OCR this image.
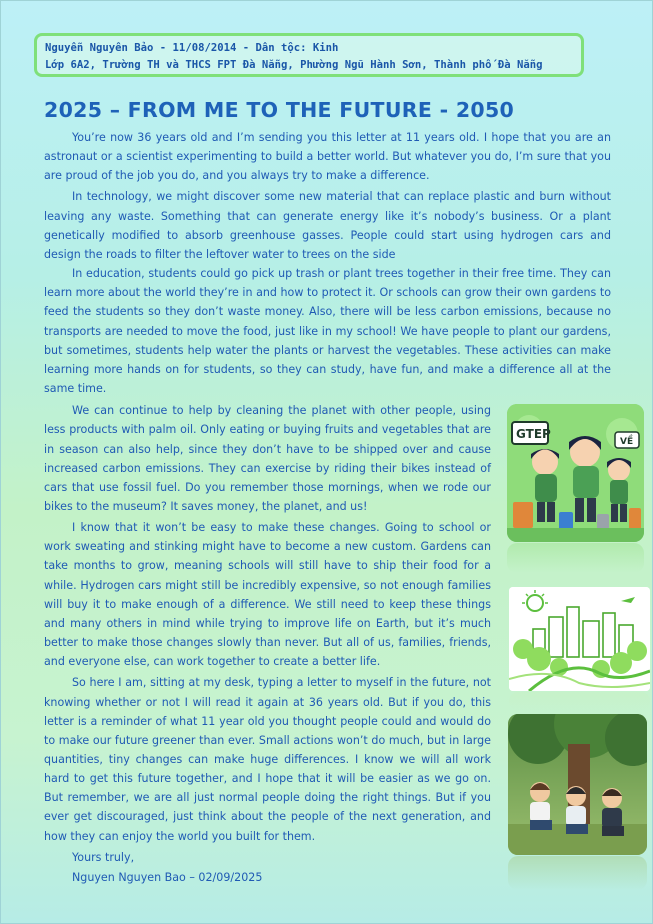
Nguyễn Nguyên Bảo - 11/08/2014 - Dân tộc: Kinh
Lớp 6A2, Trường TH và THCS FPT Đà Nẵng, Phường Ngũ Hành Sơn, Thành phố Đà Nẵng
2025 – FROM ME TO THE FUTURE - 2050

You’re now 36 years old and I’m sending you this letter at 11 years old. I hope that you are an astronaut or a scientist experimenting to build a better world. But whatever you do, I’m sure that you are proud of the job you do, and you always try to make a difference.

In technology, we might discover some new material that can replace plastic and burn without leaving any waste. Something that can generate energy like it’s nobody’s business. Or a plant genetically modified to absorb greenhouse gasses. People could start using hydrogen cars and design the roads to filter the leftover water to trees on the side

In education, students could go pick up trash or plant trees together in their free time. They can learn more about the world they’re in and how to protect it. Or schools can grow their own gardens to feed the students so they don’t waste money. Also, there will be less carbon emissions, because no transports are needed to move the food, just like in my school! We have people to plant our gardens, but sometimes, students help water the plants or harvest the vegetables. These activities can make learning more hands on for students, so they can study, have fun, and make a difference all at the same time.

We can continue to help by cleaning the planet with other people, using less products with palm oil. Only eating or buying fruits and vegetables that are in season can also help, since they don’t have to be shipped over and cause increased carbon emissions. They can exercise by riding their bikes instead of cars that use fossil fuel. Do you remember those mornings, when we rode our bikes to the museum? It saves money, the planet, and us!

I know that it won’t be easy to make these changes. Going to school or work sweating and stinking might have to become a new custom. Gardens can take months to grow, meaning schools will still have to ship their food for a while. Hydrogen cars might still be incredibly expensive, so not enough families will buy it to make enough of a difference. We still need to keep these things and many others in mind while trying to improve life on Earth, but it’s much better to make those changes slowly than never. But all of us, families, friends, and everyone else, can work together to create a better life.

So here I am, sitting at my desk, typing a letter to myself in the future, not knowing whether or not I will read it again at 36 years old. But if you do, this letter is a reminder of what 11 year old you thought people could and would do to make our future greener than ever. Small actions won’t do much, but in large quantities, tiny changes can make huge differences. I know we will all work hard to get this future together, and I hope that it will be easier as we go on. But remember, we are all just normal people doing the right things. But if you ever get discouraged, just think about the people of the next generation, and how they can enjoy the world you built for them.

Yours truly,

Nguyen Nguyen Bao – 02/09/2025

GTEP
VỀ
